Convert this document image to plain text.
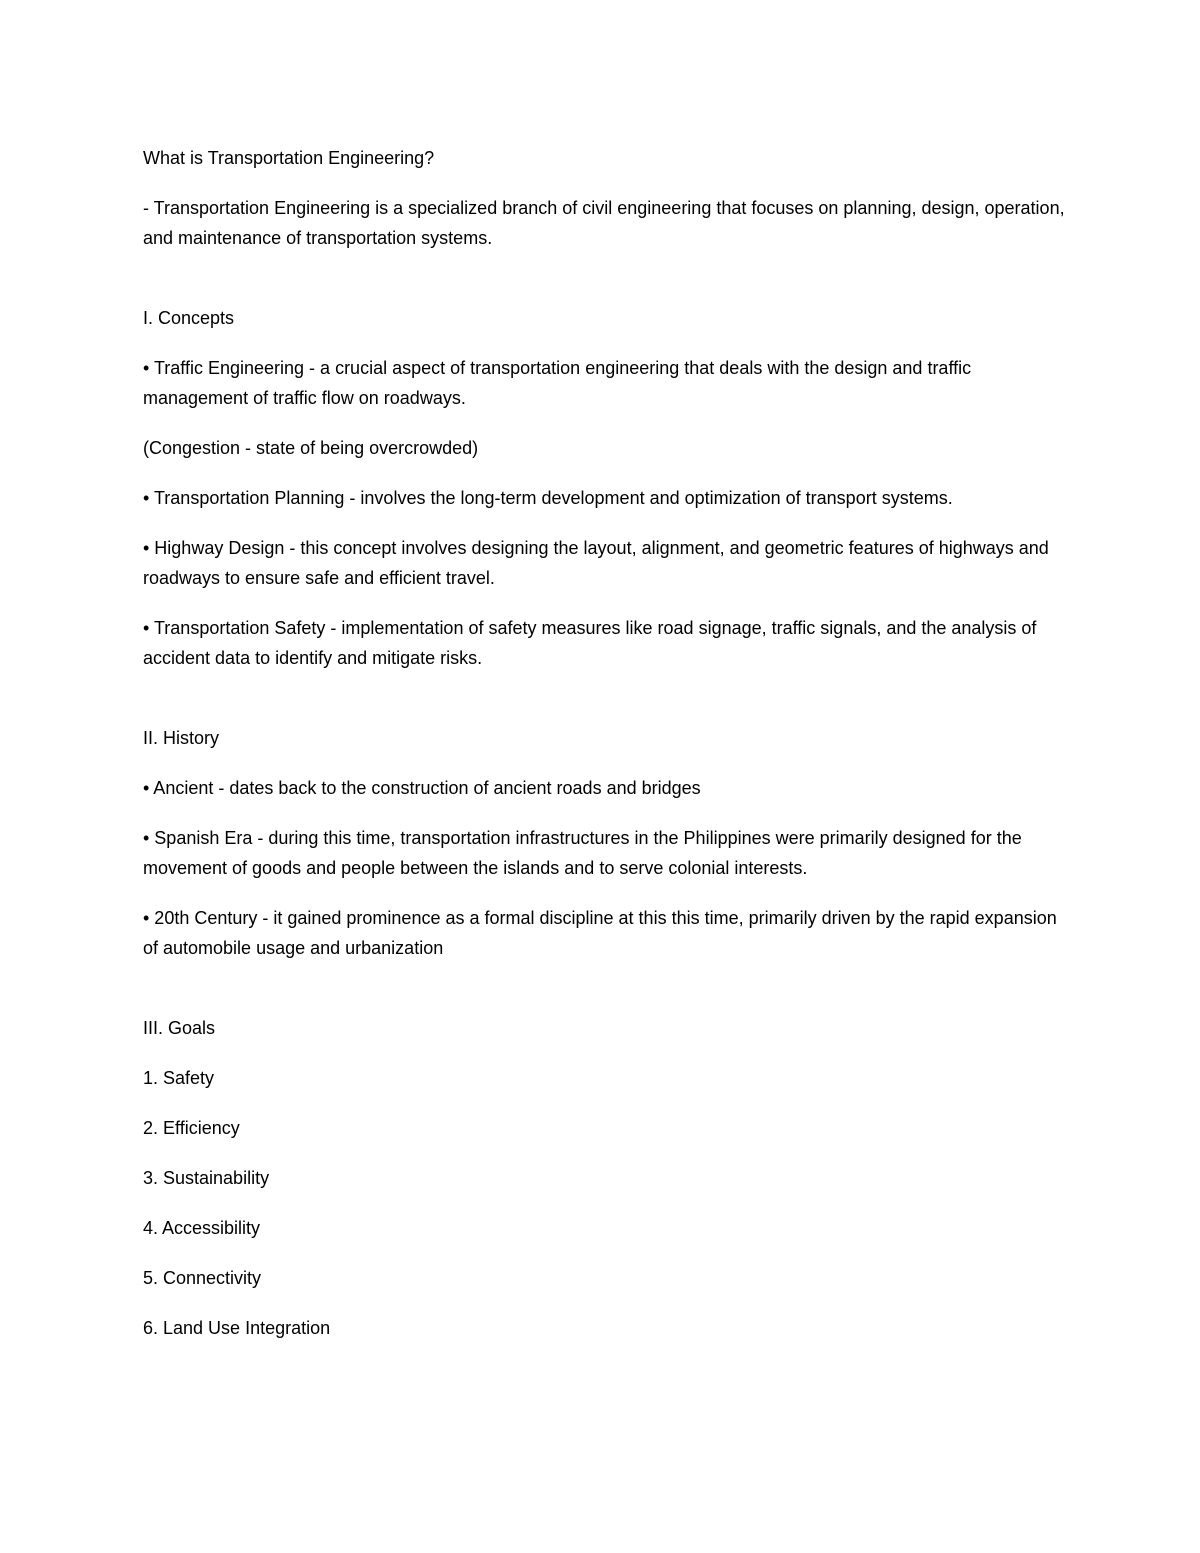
What is Transportation Engineering?

- Transportation Engineering is a specialized branch of civil engineering that focuses on planning, design, operation, and maintenance of transportation systems.

I. Concepts

• Traffic Engineering - a crucial aspect of transportation engineering that deals with the design and traffic management of traffic flow on roadways.

(Congestion - state of being overcrowded)

• Transportation Planning - involves the long-term development and optimization of transport systems.

• Highway Design - this concept involves designing the layout, alignment, and geometric features of highways and roadways to ensure safe and efficient travel.

• Transportation Safety - implementation of safety measures like road signage, traffic signals, and the analysis of accident data to identify and mitigate risks.

II. History

• Ancient - dates back to the construction of ancient roads and bridges

• Spanish Era - during this time, transportation infrastructures in the Philippines were primarily designed for the movement of goods and people between the islands and to serve colonial interests.

• 20th Century - it gained prominence as a formal discipline at this this time, primarily driven by the rapid expansion of automobile usage and urbanization

III. Goals

1. Safety

2. Efficiency

3. Sustainability

4. Accessibility

5. Connectivity

6. Land Use Integration
